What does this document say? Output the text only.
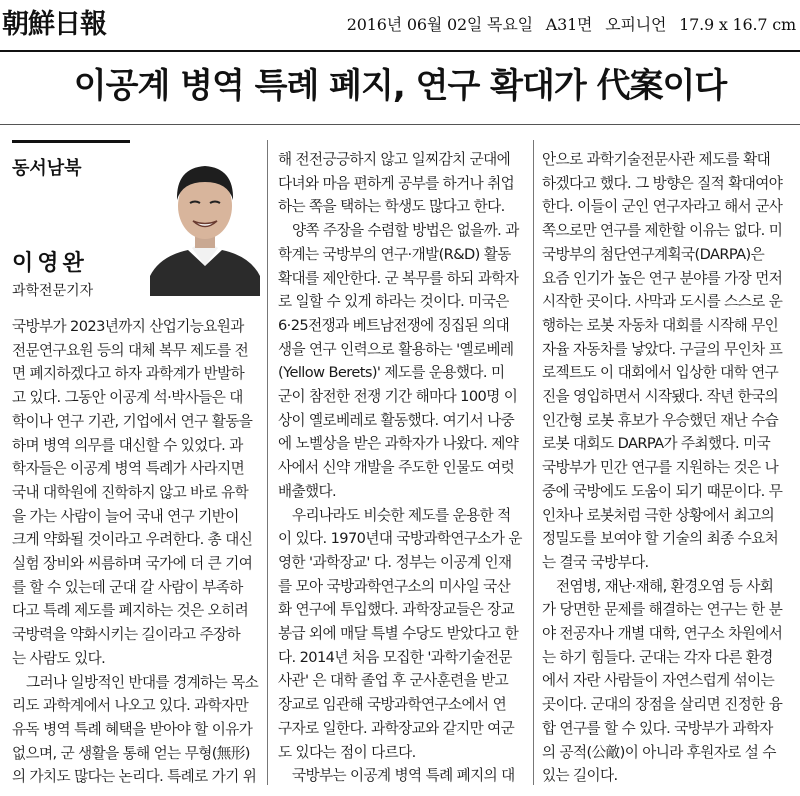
朝鮮日報	2016년 06월 02일 목요일 A31면 오피니언 17.9 x 16.7 cm
이공계 병역 특례 폐지, 연구 확대가 代案이다
동서남북
이영완
과학전문기자

국방부가 2023년까지 산업기능요원과

전문연구요원 등의 대체 복무 제도를 전

면 폐지하겠다고 하자 과학계가 반발하

고 있다. 그동안 이공계 석·박사들은 대

학이나 연구 기관, 기업에서 연구 활동을

하며 병역 의무를 대신할 수 있었다. 과

학자들은 이공계 병역 특례가 사라지면

국내 대학원에 진학하지 않고 바로 유학

을 가는 사람이 늘어 국내 연구 기반이

크게 약화될 것이라고 우려한다. 총 대신

실험 장비와 씨름하며 국가에 더 큰 기여

를 할 수 있는데 군대 갈 사람이 부족하

다고 특례 제도를 폐지하는 것은 오히려

국방력을 약화시키는 길이라고 주장하

는 사람도 있다.

　그러나 일방적인 반대를 경계하는 목소

리도 과학계에서 나오고 있다. 과학자만

유독 병역 특례 혜택을 받아야 할 이유가

없으며, 군 생활을 통해 얻는 무형(無形)

의 가치도 많다는 논리다. 특례로 가기 위

해 전전긍긍하지 않고 일찌감치 군대에

다녀와 마음 편하게 공부를 하거나 취업

하는 쪽을 택하는 학생도 많다고 한다.

　양쪽 주장을 수렴할 방법은 없을까. 과

학계는 국방부의 연구·개발(R&D) 활동

확대를 제안한다. 군 복무를 하되 과학자

로 일할 수 있게 하라는 것이다. 미국은

6·25전쟁과 베트남전쟁에 징집된 의대

생을 연구 인력으로 활용하는 '옐로베레

(Yellow Berets)' 제도를 운용했다. 미

군이 참전한 전쟁 기간 해마다 100명 이

상이 옐로베레로 활동했다. 여기서 나중

에 노벨상을 받은 과학자가 나왔다. 제약

사에서 신약 개발을 주도한 인물도 여럿

배출했다.

　우리나라도 비슷한 제도를 운용한 적

이 있다. 1970년대 국방과학연구소가 운

영한 '과학장교' 다. 정부는 이공계 인재

를 모아 국방과학연구소의 미사일 국산

화 연구에 투입했다. 과학장교들은 장교

봉급 외에 매달 특별 수당도 받았다고 한

다. 2014년 처음 모집한 '과학기술전문

사관' 은 대학 졸업 후 군사훈련을 받고

장교로 임관해 국방과학연구소에서 연

구자로 일한다. 과학장교와 같지만 여군

도 있다는 점이 다르다.

　국방부는 이공계 병역 특례 폐지의 대

안으로 과학기술전문사관 제도를 확대

하겠다고 했다. 그 방향은 질적 확대여야

한다. 이들이 군인 연구자라고 해서 군사

쪽으로만 연구를 제한할 이유는 없다. 미

국방부의 첨단연구계획국(DARPA)은

요즘 인기가 높은 연구 분야를 가장 먼저

시작한 곳이다. 사막과 도시를 스스로 운

행하는 로봇 자동차 대회를 시작해 무인

자율 자동차를 낳았다. 구글의 무인차 프

로젝트도 이 대회에서 입상한 대학 연구

진을 영입하면서 시작됐다. 작년 한국의

인간형 로봇 휴보가 우승했던 재난 수습

로봇 대회도 DARPA가 주최했다. 미국

국방부가 민간 연구를 지원하는 것은 나

중에 국방에도 도움이 되기 때문이다. 무

인차나 로봇처럼 극한 상황에서 최고의

정밀도를 보여야 할 기술의 최종 수요처

는 결국 국방부다.

　전염병, 재난·재해, 환경오염 등 사회

가 당면한 문제를 해결하는 연구는 한 분

야 전공자나 개별 대학, 연구소 차원에서

는 하기 힘들다. 군대는 각자 다른 환경

에서 자란 사람들이 자연스럽게 섞이는

곳이다. 군대의 장점을 살리면 진정한 융

합 연구를 할 수 있다. 국방부가 과학자

의 공적(公敵)이 아니라 후원자로 설 수

있는 길이다.
